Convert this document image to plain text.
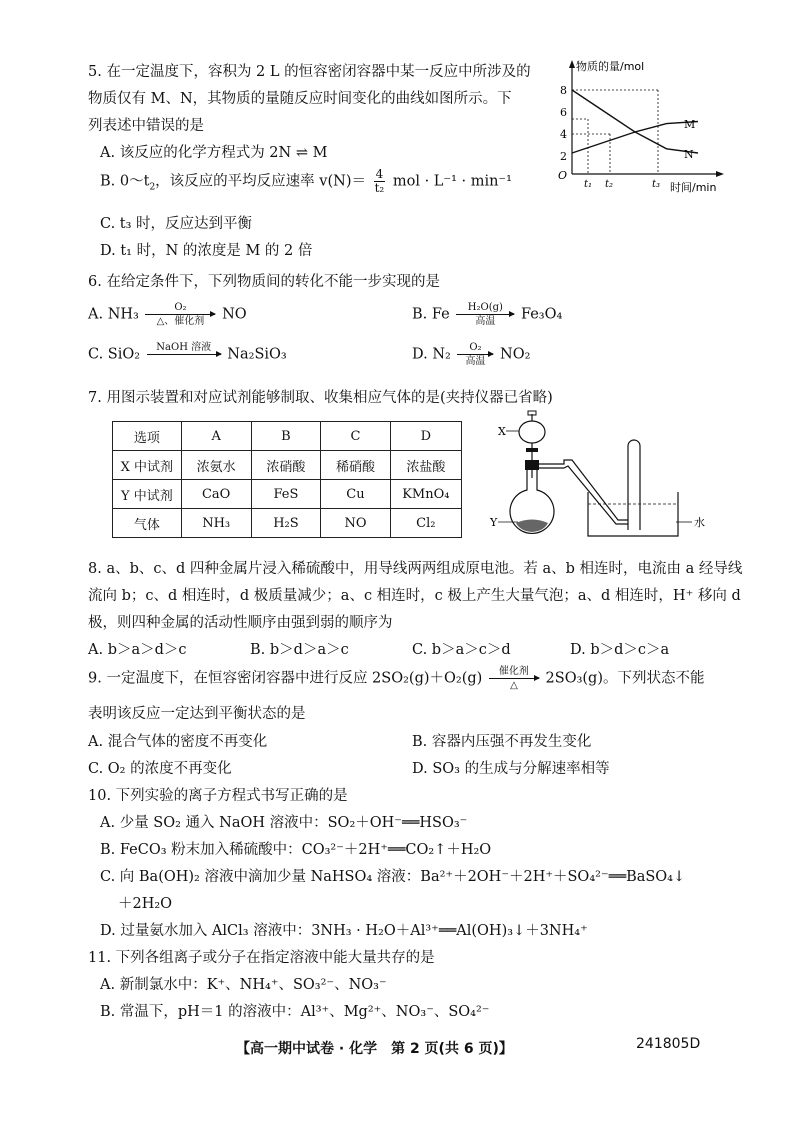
5. 在一定温度下，容积为 2 L 的恒容密闭容器中某一反应中所涉及的
物质仅有 M、N，其物质的量随反应时间变化的曲线如图所示。下
列表述中错误的是
A. 该反应的化学方程式为 2N ⇌ M
B. $0\sim t_2$，该反应的平均反应速率 $v(N)= \frac{4}{\text{t₂}}$ mol · L⁻¹ · min⁻¹
C. t₃ 时，反应达到平衡
D. t₁ 时，N 的浓度是 M 的 2 倍
物质的量/mol
时间/min
O
8
6
4
2
t₁ t₂	t₃
M
N
6. 在给定条件下，下列物质间的转化不能一步实现的是
A. NH₃	O₂
△、催化剂	NO	B. Fe	H₂O(g)
高温	Fe₃O₄
C. SiO₂	NaOH 溶液
	Na₂SiO₃	D. N₂	O₂
高温	NO₂
7. 用图示装置和对应试剂能够制取、收集相应气体的是(夹持仪器已省略)
选项	A	B	C	D
X 中试剂	浓氨水	浓硝酸	稀硝酸	浓盐酸
Y 中试剂	CaO	FeS	Cu	KMnO₄
气体	NH₃	H₂S	NO	Cl₂
X
Y	水
8. a、b、c、d 四种金属片浸入稀硫酸中，用导线两两组成原电池。若 a、b 相连时，电流由 a 经导线
流向 b；c、d 相连时，d 极质量减少；a、c 相连时，c 极上产生大量气泡；a、d 相连时，H⁺ 移向 d
极，则四种金属的活动性顺序由强到弱的顺序为
A. b＞a＞d＞c	B. b＞d＞a＞c	C. b＞a＞c＞d	D. b＞d＞c＞a
9. 一定温度下，在恒容密闭容器中进行反应 2SO₂(g)＋O₂(g)	催化剂
△	2SO₃(g)。下列状态不能
表明该反应一定达到平衡状态的是
A. 混合气体的密度不再变化	B. 容器内压强不再发生变化
C. O₂ 的浓度不再变化	D. SO₃ 的生成与分解速率相等
10. 下列实验的离子方程式书写正确的是
A. 少量 SO₂ 通入 NaOH 溶液中：SO₂＋OH⁻══HSO₃⁻
B. FeCO₃ 粉末加入稀硫酸中：CO₃²⁻＋2H⁺══CO₂↑＋H₂O
C. 向 Ba(OH)₂ 溶液中滴加少量 NaHSO₄ 溶液：Ba²⁺＋2OH⁻＋2H⁺＋SO₄²⁻══BaSO₄↓
＋2H₂O
D. 过量氨水加入 AlCl₃ 溶液中：3NH₃ · H₂O＋Al³⁺══Al(OH)₃↓＋3NH₄⁺
11. 下列各组离子或分子在指定溶液中能大量共存的是
A. 新制氯水中：K⁺、NH₄⁺、SO₃²⁻、NO₃⁻
B. 常温下，pH＝1 的溶液中：Al³⁺、Mg²⁺、NO₃⁻、SO₄²⁻
【高一期中试卷 · 化学　第 2 页(共 6 页)】	241805D
